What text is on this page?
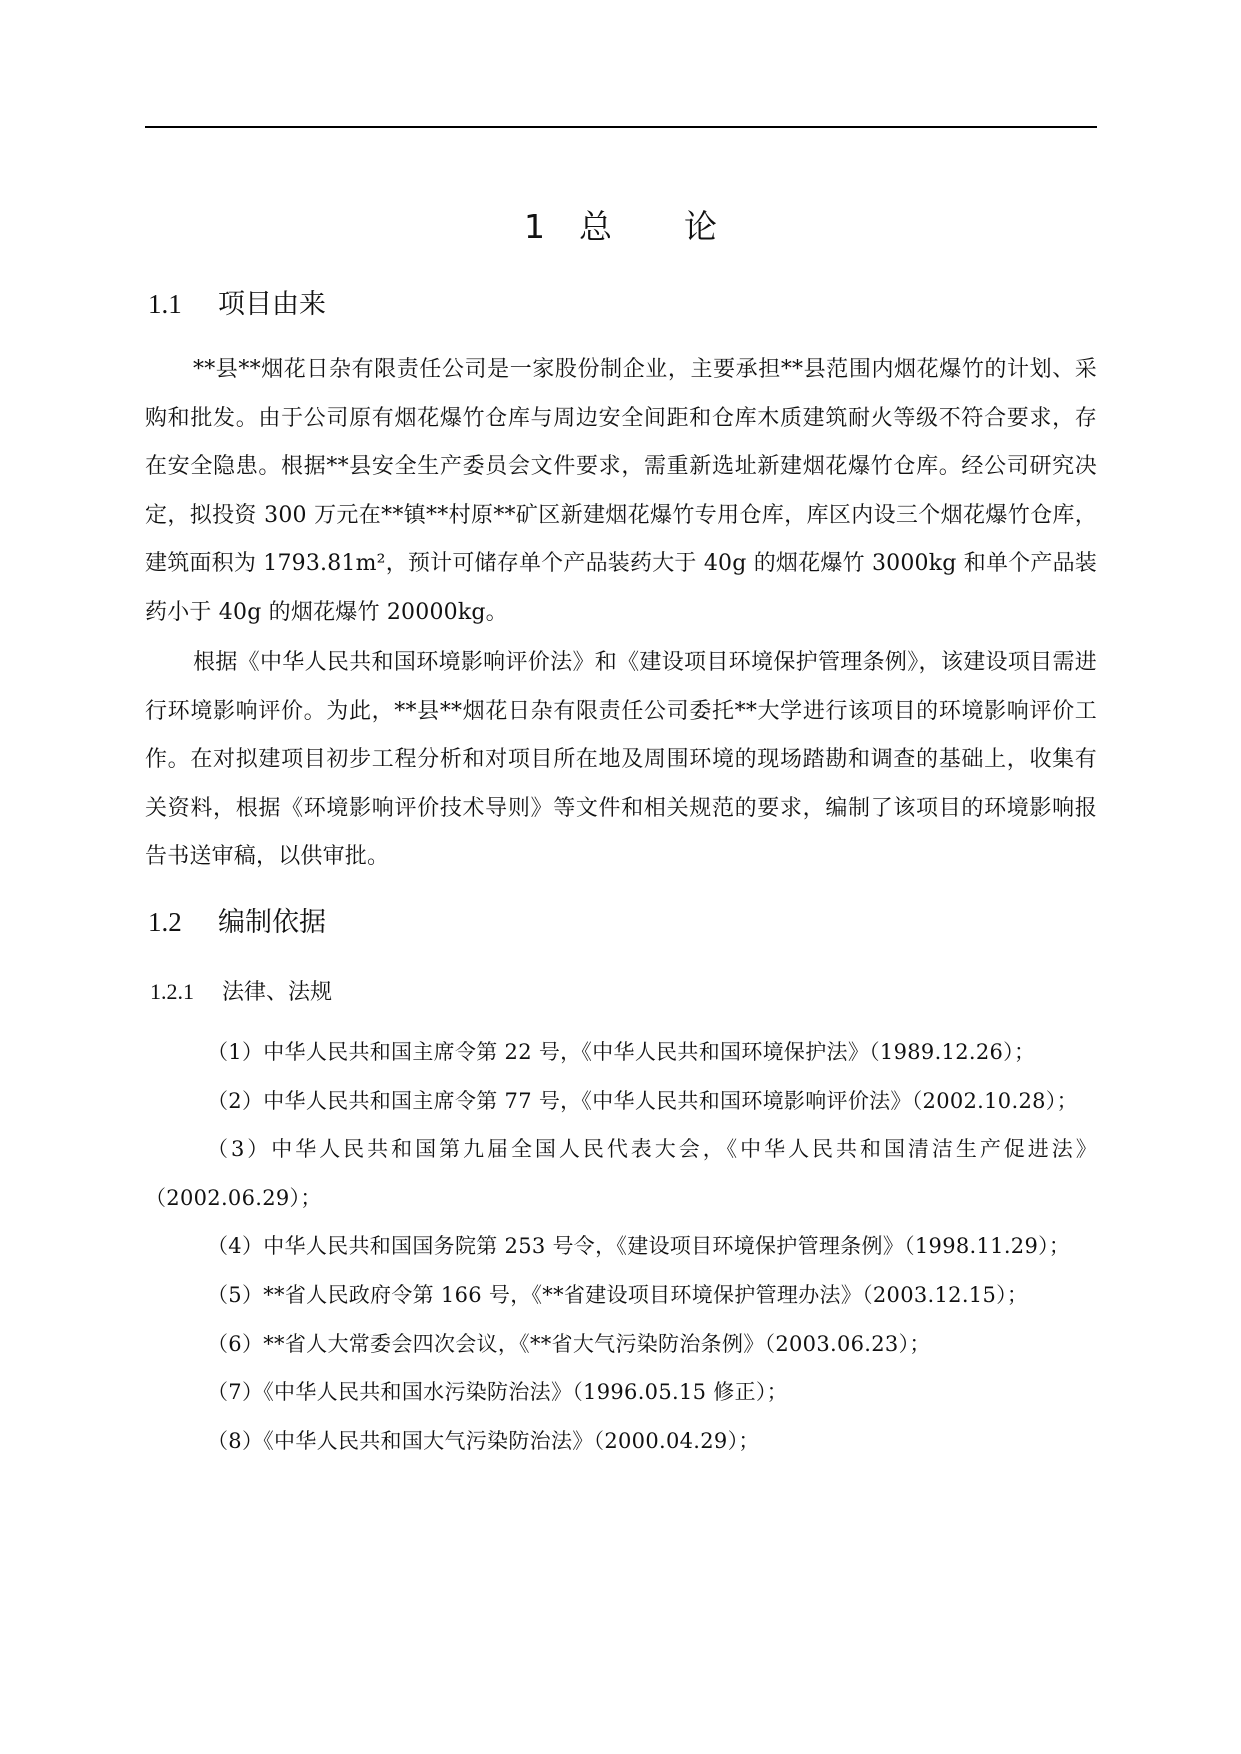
1 总 论
1.1 项目由来

**县**烟花日杂有限责任公司是一家股份制企业，主要承担**县范围内烟花爆竹的计划、采购和批发。由于公司原有烟花爆竹仓库与周边安全间距和仓库木质建筑耐火等级不符合要求，存在安全隐患。根据**县安全生产委员会文件要求，需重新选址新建烟花爆竹仓库。经公司研究决定，拟投资 300 万元在**镇**村原**矿区新建烟花爆竹专用仓库，库区内设三个烟花爆竹仓库，建筑面积为 1793.81m²，预计可储存单个产品装药大于 40g 的烟花爆竹 3000kg 和单个产品装药小于 40g 的烟花爆竹 20000kg。

根据《中华人民共和国环境影响评价法》和《建设项目环境保护管理条例》，该建设项目需进行环境影响评价。为此，**县**烟花日杂有限责任公司委托**大学进行该项目的环境影响评价工作。在对拟建项目初步工程分析和对项目所在地及周围环境的现场踏勘和调查的基础上，收集有关资料，根据《环境影响评价技术导则》等文件和相关规范的要求，编制了该项目的环境影响报告书送审稿，以供审批。

1.2 编制依据
1.2.1 法律、法规
（1）中华人民共和国主席令第 22 号，《中华人民共和国环境保护法》（1989.12.26）；
（2）中华人民共和国主席令第 77 号，《中华人民共和国环境影响评价法》（2002.10.28）；
（3）中华人民共和国第九届全国人民代表大会，《中华人民共和国清洁生产促进法》（2002.06.29）；
（4）中华人民共和国国务院第 253 号令，《建设项目环境保护管理条例》（1998.11.29）；
（5）**省人民政府令第 166 号，《**省建设项目环境保护管理办法》（2003.12.15）；
（6）**省人大常委会四次会议，《**省大气污染防治条例》（2003.06.23）；
（7）《中华人民共和国水污染防治法》（1996.05.15 修正）；
（8）《中华人民共和国大气污染防治法》（2000.04.29）；
